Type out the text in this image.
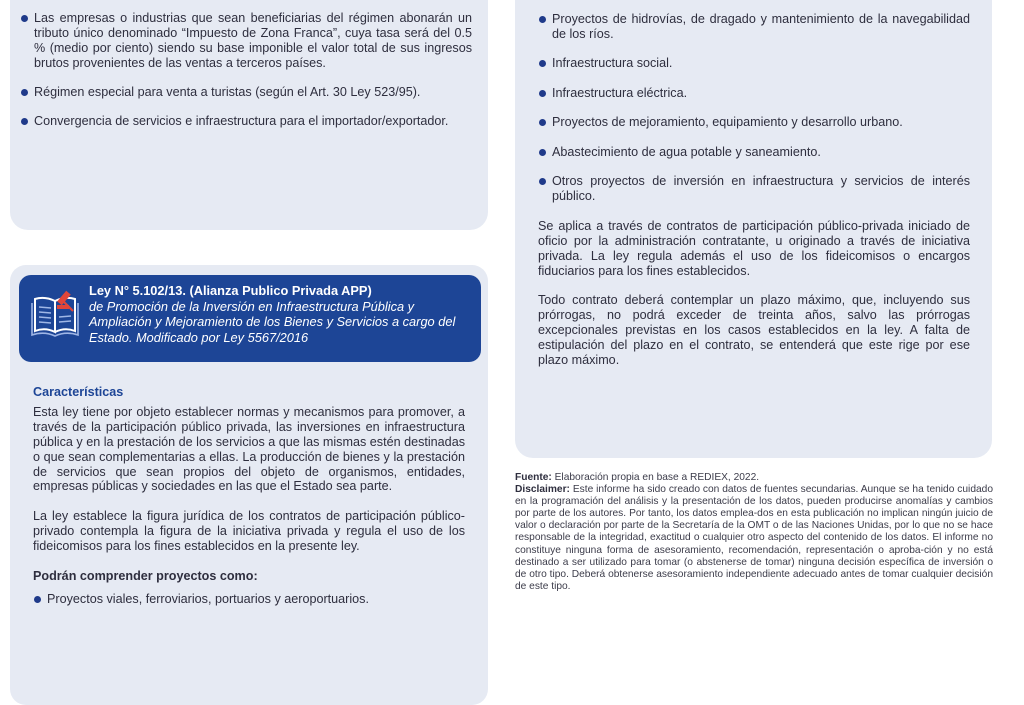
Las empresas o industrias que sean beneficiarias del régimen abonarán un tributo único denominado “Impuesto de Zona Franca”, cuya tasa será del 0.5 % (medio por ciento) siendo su base imponible el valor total de sus ingresos brutos provenientes de las ventas a terceros países.
Régimen especial para venta a turistas (según el Art. 30 Ley 523/95).
Convergencia de servicios e infraestructura para el importador/exportador.
Proyectos de hidrovías, de dragado y mantenimiento de la navegabilidad de los ríos.
Infraestructura social.
Infraestructura eléctrica.
Proyectos de mejoramiento, equipamiento y desarrollo urbano.
Abastecimiento de agua potable y saneamiento.
Otros proyectos de inversión en infraestructura y servicios de interés público.

Se aplica a través de contratos de participación público-privada iniciado de oficio por la administración contratante, u originado a través de iniciativa privada. La ley regula además el uso de los fideicomisos o encargos fiduciarios para los fines establecidos.

Todo contrato deberá contemplar un plazo máximo, que, incluyendo sus prórrogas, no podrá exceder de treinta años, salvo las prórrogas excepcionales previstas en los casos establecidos en la ley. A falta de estipulación del plazo en el contrato, se entenderá que este rige por ese plazo máximo.

Ley N° 5.102/13. (Alianza Publico Privada APP)
de Promoción de la Inversión en Infraestructura Pública y Ampliación y Mejoramiento de los Bienes y Servicios a cargo del Estado. Modificado por Ley 5567/2016
Características

Esta ley tiene por objeto establecer normas y mecanismos para promover, a través de la participación público privada, las inversiones en infraestructura pública y en la prestación de los servicios a que las mismas estén destinadas o que sean complementarias a ellas. La producción de bienes y la prestación de servicios que sean propios del objeto de organismos, entidades, empresas públicas y sociedades en las que el Estado sea parte.

La ley establece la figura jurídica de los contratos de participación público-privado contempla la figura de la iniciativa privada y regula el uso de los fideicomisos para los fines establecidos en la presente ley.

Podrán comprender proyectos como:
Proyectos viales, ferroviarios, portuarios y aeroportuarios.
Fuente: Elaboración propia en base a REDIEX, 2022.
Disclaimer: Este informe ha sido creado con datos de fuentes secundarias. Aunque se ha tenido cuidado en la programación del análisis y la presentación de los datos, pueden producirse anomalías y cambios por parte de los autores. Por tanto, los datos emplea-dos en esta publicación no implican ningún juicio de valor o declaración por parte de la Secretaría de la OMT o de las Naciones Unidas, por lo que no se hace responsable de la integridad, exactitud o cualquier otro aspecto del contenido de los datos. El informe no constituye ninguna forma de asesoramiento, recomendación, representación o aproba-ción y no está destinado a ser utilizado para tomar (o abstenerse de tomar) ninguna decisión específica de inversión o de otro tipo. Deberá obtenerse asesoramiento independiente adecuado antes de tomar cualquier decisión de este tipo.
